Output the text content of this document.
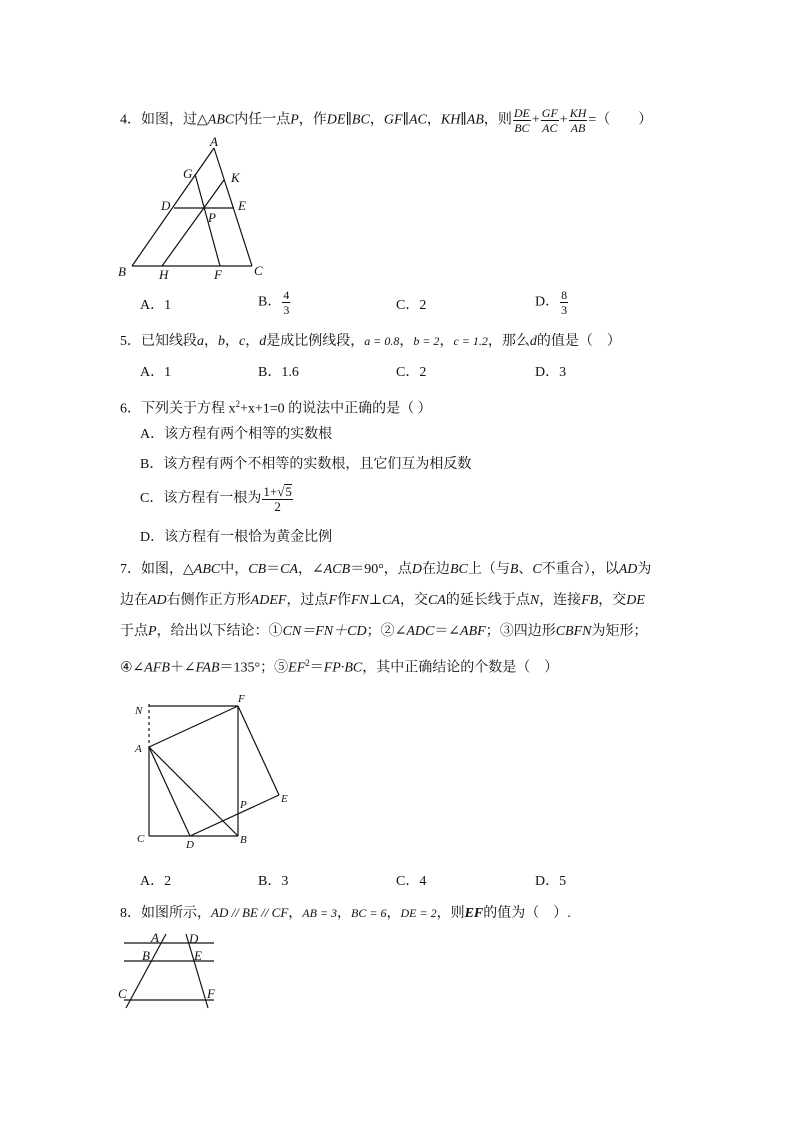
4．如图，过△ABC内任一点P，作DE∥BC，GF∥AC，KH∥AB，则 $\frac{DE}{BC} + \frac{GF}{AC} + \frac{KH}{AB}$ =（　　）
A
G	K
D	E
P
B	H	F C
A．1	B． $\frac{4}{3}$	C．2	D． $\frac{8}{3}$
5．已知线段a，b，c，d是成比例线段，a = 0.8，b = 2，c = 1.2，那么d的值是（　）
A．1	B．1.6	C．2	D．3
6．下列关于方程 $x^2+x+1=0$ 的说法中正确的是（ ）
A．该方程有两个相等的实数根
B．该方程有两个不相等的实数根，且它们互为相反数
C．该方程有一根为 $\frac{1+√5}{2}$
D．该方程有一根恰为黄金比例
7．如图，△ABC中，CB＝CA，∠ACB＝90°，点D在边BC上（与B、C不重合），以AD为
边在AD右侧作正方形ADEF，过点F作FN⊥CA，交CA的延长线于点N，连接FB，交DE
于点P，给出以下结论：①CN＝FN＋CD；②∠ADC＝∠ABF；③四边形CBFN为矩形；
④∠AFB＋∠FAB＝135°；$⑤EF^2=FP\cdot BC$，其中正确结论的个数是（　）
N
F
A
E
P
C	D	B
A．2	B．3	C．4	D．5
8．如图所示，AD // BE // CF，AB = 3，BC = 6，DE = 2，则EF的值为（　）.
A D
B	E
C	F
